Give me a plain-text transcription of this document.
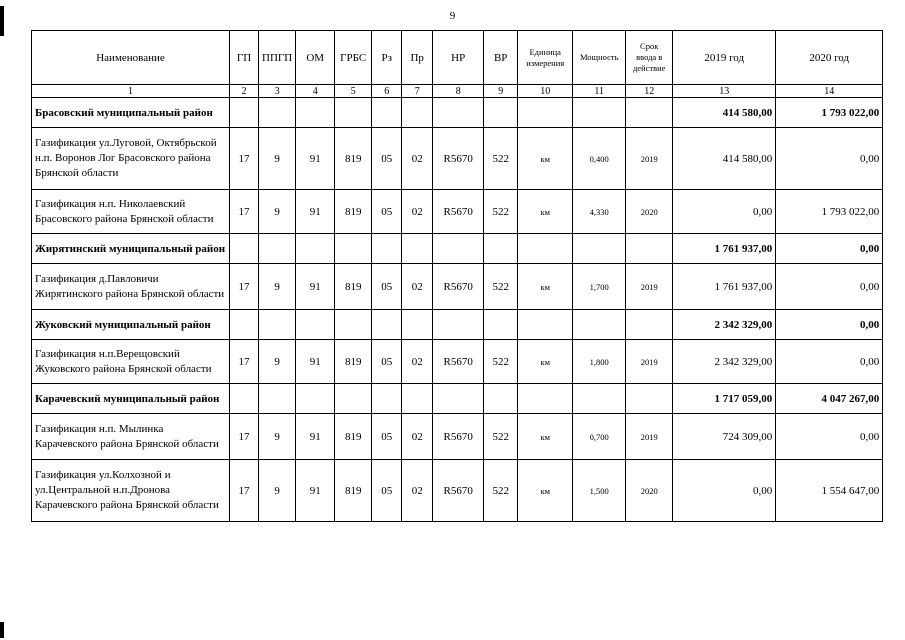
9
Наименование	ГП	ППГП	ОМ	ГРБС	Рз	Пр	НР	ВР	Единица измерения	Мощность	Срок ввода в действие	2019 год	2020 год
1	2	3	4	5	6	7	8	9	10	11	12	13	14
Брасовский муниципальный район												414 580,00	1 793 022,00
Газификация ул.Луговой, Октябрьской н.п. Воронов Лог Брасовского района Брянской области	17	9	91	819	05	02	R5670	522	км	0,400	2019	414 580,00	0,00
Газификация н.п. Николаевский Брасовского района Брянской области	17	9	91	819	05	02	R5670	522	км	4,330	2020	0,00	1 793 022,00
Жирятинский муниципальный район												1 761 937,00	0,00
Газификация д.Павловичи Жирятинского района Брянской области	17	9	91	819	05	02	R5670	522	км	1,700	2019	1 761 937,00	0,00
Жуковский муниципальный район												2 342 329,00	0,00
Газификация н.п.Верещовский Жуковского района Брянской области	17	9	91	819	05	02	R5670	522	км	1,800	2019	2 342 329,00	0,00
Карачевский муниципальный район												1 717 059,00	4 047 267,00
Газификация н.п. Мылинка Карачевского района Брянской области	17	9	91	819	05	02	R5670	522	км	0,700	2019	724 309,00	0,00
Газификация ул.Колхозной и ул.Центральной н.п.Дронова Карачевского района Брянской области	17	9	91	819	05	02	R5670	522	км	1,500	2020	0,00	1 554 647,00
